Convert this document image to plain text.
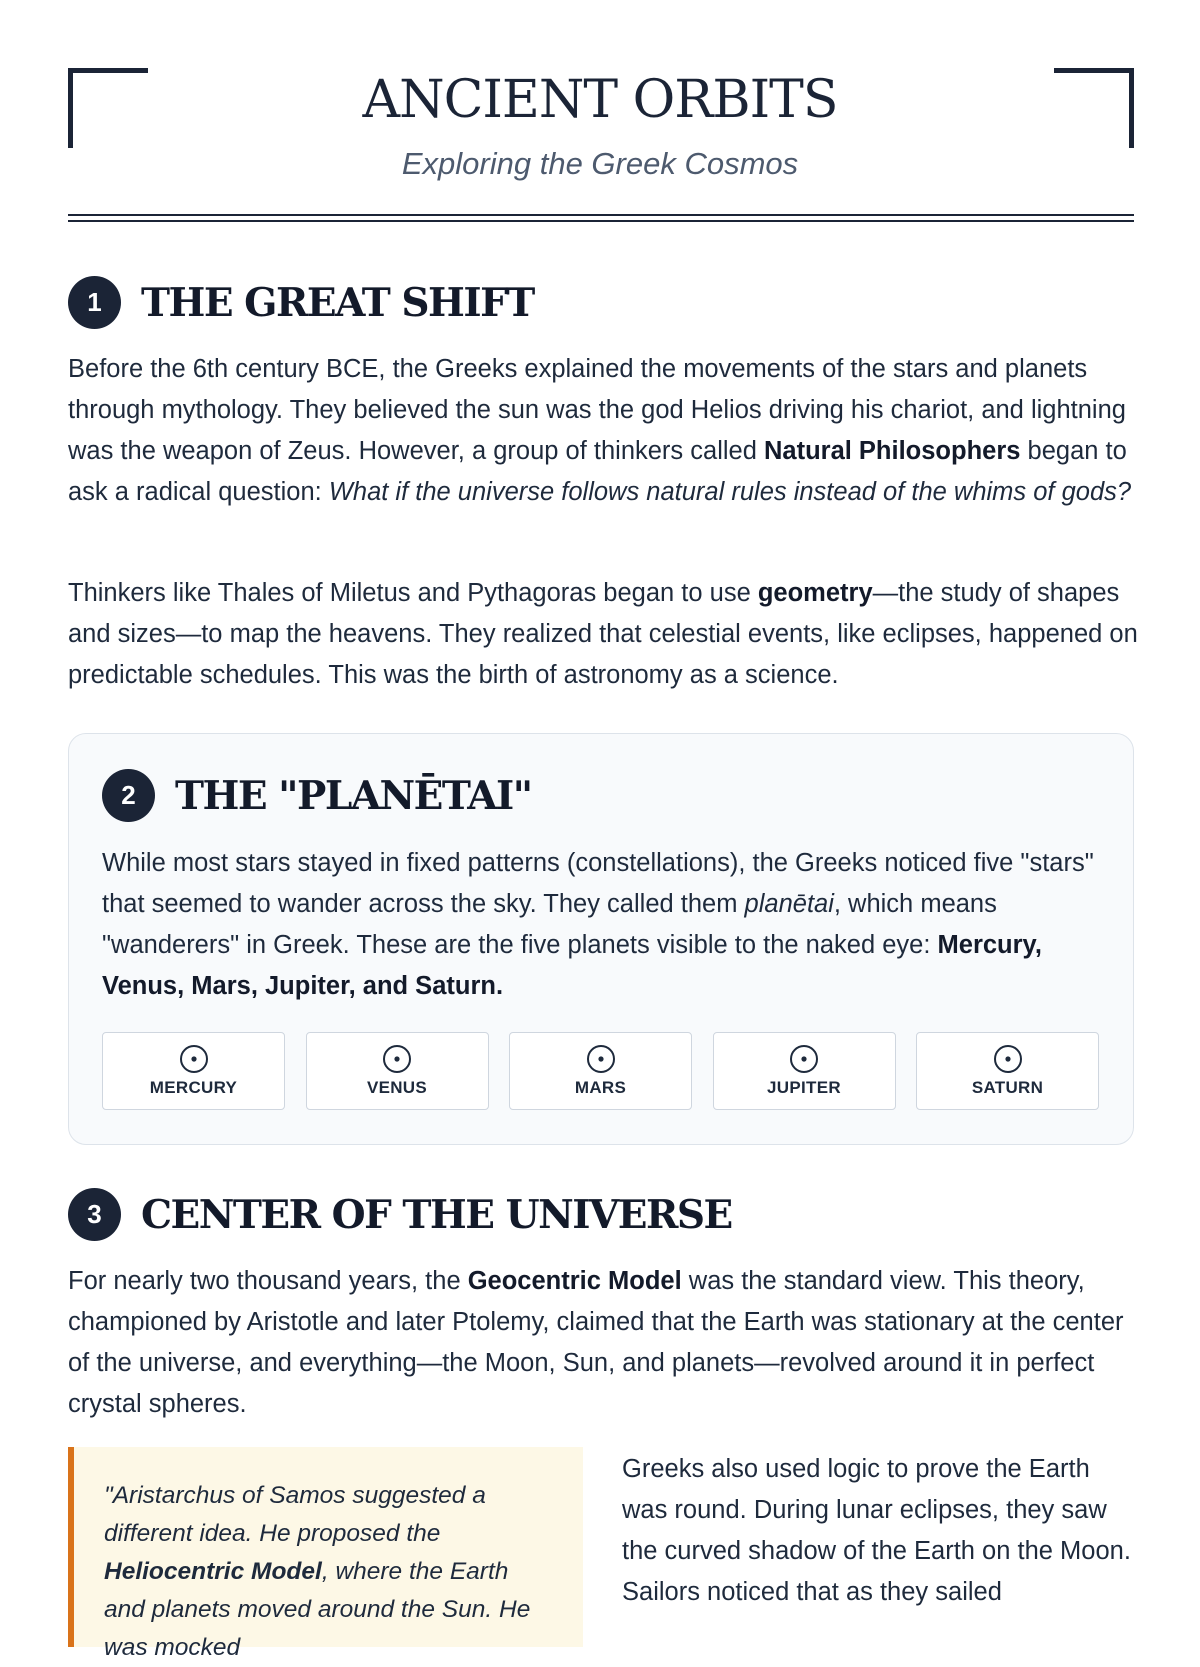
ANCIENT ORBITS
Exploring the Greek Cosmos
1	THE GREAT SHIFT

Before the 6th century BCE, the Greeks explained the movements of the stars and planets through mythology. They believed the sun was the god Helios driving his chariot, and lightning was the weapon of Zeus. However, a group of thinkers called Natural Philosophers began to ask a radical question: What if the universe follows natural rules instead of the whims of gods?

Thinkers like Thales of Miletus and Pythagoras began to use geometry—the study of shapes and sizes—to map the heavens. They realized that celestial events, like eclipses, happened on predictable schedules. This was the birth of astronomy as a science.

2	THE "PLANĒTAI"

While most stars stayed in fixed patterns (constellations), the Greeks noticed five "stars" that seemed to wander across the sky. They called them planētai, which means "wanderers" in Greek. These are the five planets visible to the naked eye: Mercury, Venus, Mars, Jupiter, and Saturn.

MERCURY	VENUS	MARS	JUPITER	SATURN
3	CENTER OF THE UNIVERSE

For nearly two thousand years, the Geocentric Model was the standard view. This theory, championed by Aristotle and later Ptolemy, claimed that the Earth was stationary at the center of the universe, and everything—the Moon, Sun, and planets—revolved around it in perfect crystal spheres.

"Aristarchus of Samos suggested a different idea. He proposed the Heliocentric Model, where the Earth and planets moved around the Sun. He was mocked

Greeks also used logic to prove the Earth was round. During lunar eclipses, they saw the curved shadow of the Earth on the Moon. Sailors noticed that as they sailed
